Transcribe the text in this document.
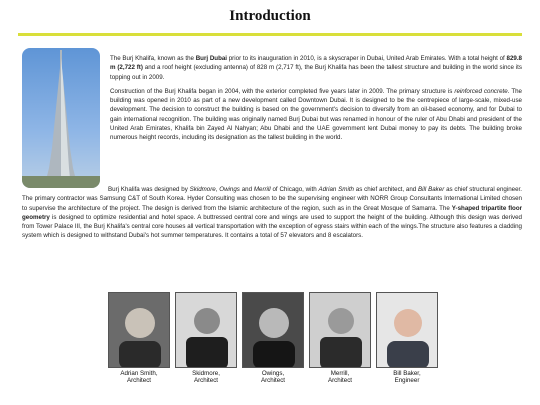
Introduction

The Burj Khalifa, known as the Burj Dubai prior to its inauguration in 2010, is a skyscraper in Dubai, United Arab Emirates. With a total height of 829.8 m (2,722 ft) and a roof height (excluding antenna) of 828 m (2,717 ft), the Burj Khalifa has been the tallest structure and building in the world since its topping out in 2009.

Construction of the Burj Khalifa began in 2004, with the exterior completed five years later in 2009. The primary structure is reinforced concrete. The building was opened in 2010 as part of a new development called Downtown Dubai. It is designed to be the centrepiece of large-scale, mixed-use development. The decision to construct the building is based on the government's decision to diversify from an oil-based economy, and for Dubai to gain international recognition. The building was originally named Burj Dubai but was renamed in honour of the ruler of Abu Dhabi and president of the United Arab Emirates, Khalifa bin Zayed Al Nahyan; Abu Dhabi and the UAE government lent Dubai money to pay its debts. The building broke numerous height records, including its designation as the tallest building in the world.

Burj Khalifa was designed by Skidmore, Owings and Merrill of Chicago, with Adrian Smith as chief architect, and Bill Baker as chief structural engineer. The primary contractor was Samsung C&T of South Korea. Hyder Consulting was chosen to be the supervising engineer with NORR Group Consultants International Limited chosen to supervise the architecture of the project. The design is derived from the Islamic architecture of the region, such as in the Great Mosque of Samarra. The Y-shaped tripartite floor geometry is designed to optimize residential and hotel space. A buttressed central core and wings are used to support the height of the building. Although this design was derived from Tower Palace III, the Burj Khalifa's central core houses all vertical transportation with the exception of egress stairs within each of the wings.The structure also features a cladding system which is designed to withstand Dubai's hot summer temperatures. It contains a total of 57 elevators and 8 escalators.

Adrian Smith,
Architect
Skidmore,
Architect
Owings,
Architect
Merrill,
Architect
Bill Baker,
Engineer
